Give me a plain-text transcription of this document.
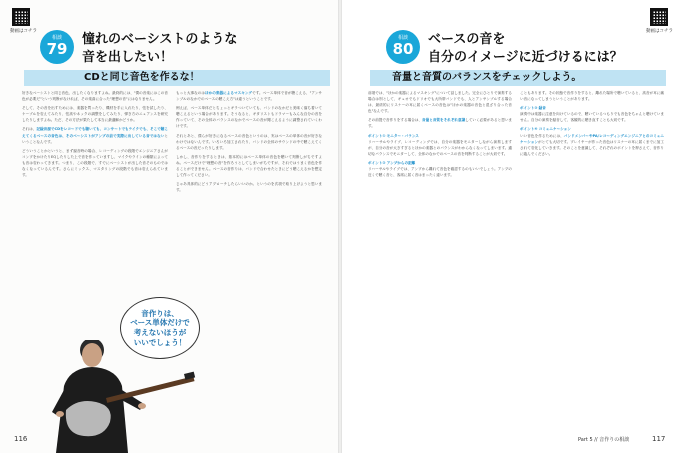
動画はコチラ
相談
79
憧れのベーシストのような
音を出したい！
CDと同じ音色を作るな！

好きなベーシストと同じ音色、出したくなりますよね。最終的には、"僕の音楽にはこの音色が必要だ"という判断がなければ、その楽曲に合った"理想の音"にはなりません。

そして、その音を出すためには、楽器を買ったり、機材を手に入れたり、弦を試したり、ケーブルを変えてみたり、弦高やネックの調整をしてみたり、弾き方のニュアンスを研究したりしますよね。ただ、その方法が果たして本当に最適解かどうか。

それは、記録音源でCDをレコードでも聴いても、コンサートでもテイクでも、そこで聴こえてくるベースの音色は、そのベーシストがアンプの前で実際に出している音ではないということなんです。

どういうことかというと、まず録音時の場合、レコーディングの段階でエンジニアさんがコンプをかけたりEQしたりした上で音を作っていますし、マイクやラインの種類によっても音は変わってきます。つまり、この段階で、すでにベーシストが出した音そのものではなくなっているんです。さらにミックス、マスタリングの段階でも音は変えられています。

もっと大事なのはほかの楽器によるマスキングです。ベース単体で音が聴こえる、"アンサンブルのなかでのベースの聴こえ方"は違うということです。

例えば、ベース単体だとちょっとギラついていても、バンドのなかだと美味く落ち着いて聴こえるという場合があります。そうなると、ギタリストもドラマーもみんな自分の音を作っていて、その全体のバランスのなかでベースの音が聞こえるように調整されていくわけです。

それとあと、僕らが好きになるベースの音色というのは、実はベースの単体の音が好きなわけではないんです。いろいろ加工されたり、バンドの全体のサウンドの中で聴こえてくるベースの音だったりします。

しかし、音作りをするときは、基本的にはベース単体の音色を聴いて判断しがちですよね。ベースだけで"理想の音"を作ろうとしてしまいがちですが、それではうまく音色を作ることができません。ベースの音作りは、バンドで合わせたときにどう聴こえるかを想定して作ってください。

じゃあ具体的にどうアプローチしたらいいのか。というのを次項で取り上げようと思います。

音作りは、
ベース単体だけで
考えないほうが
いいでしょう！
116
動画はコチラ
相談
80
ベースの音を
自分のイメージに近づけるには？
音量と音質のバランスをチェックしよう。

前項では、"ほかの楽器によるマスキング"について話しました。完全にひとりで演奏する場合は別として、ギュオでもドリオでも大所帯バンドでも、人とアンサンブルする場合は、最終的にリスナーの耳に届くベースの音色は"ほかの楽器の音色と混ざり合った音色"なんです。

その前提で音作りをする場合は、音量と音質をそれぞれ意識していく必要があると思います。

ポイント① モニター・バランス

リハーサルやライブ、レコーディングでは、自分の楽器をモニターしながら演奏しますが、自分の音が大きすぎるとほかの楽器とのバランスがわからなくなってしまいます。適切なバランスでモニターして、全体のなかでのベースの音を判断することが大切です。

ポイント② アンプからの距離

リハーサルやライブでは、アンプから離れて音色を確認するのもいいでしょう。アンプの近くで聴く音と、客席に届く音はまったく違います。

こともあります。その状態で音作りをすると、離れた場所で聴いていると、高音が耳に痛い音になってしまうということがあります。

ポイント③ 録音

演奏中は楽器に注意を向けているので、聴いているつもりでも音色をちゃんと聴けていません。自分の演奏を録音して、客観的に聴き直すことも大切です。

ポイント④ コミュニケーション

いい音色を作るためには、バンドメンバーやPA/レコーディングエンジニアとのコミュニケーションがとても大切です。プレイヤーが作った音色はリスナーの耳に届くまでに加工されて変化していきます。そのことを意識して、それぞれのポイントを押さえて、音作りに臨んでください。

Part 5 // 音作りの相談	117
